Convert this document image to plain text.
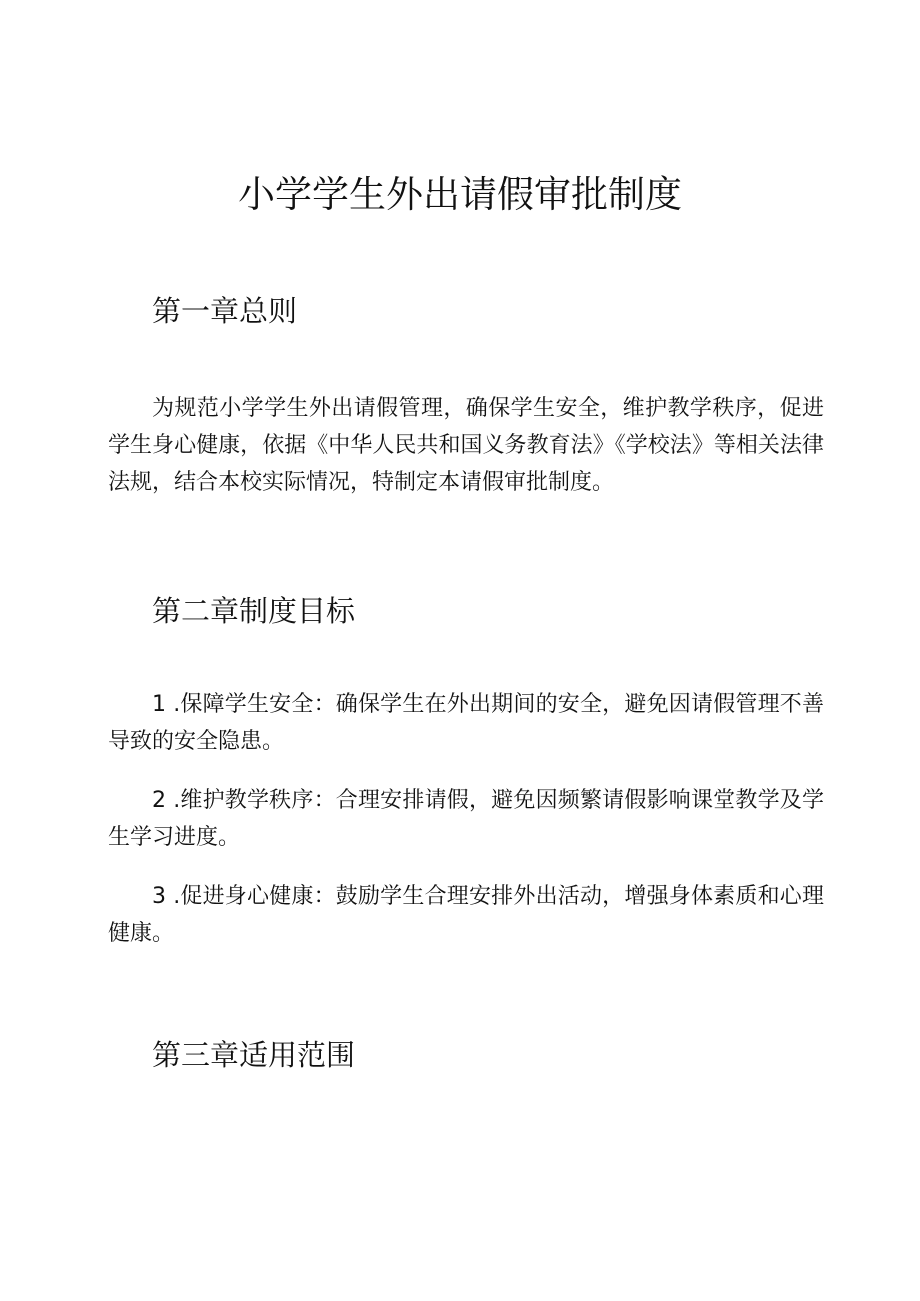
小学学生外出请假审批制度
第一章总则

为规范小学学生外出请假管理，确保学生安全，维护教学秩序，促进学生身心健康，依据《中华人民共和国义务教育法》《学校法》等相关法律法规，结合本校实际情况，特制定本请假审批制度。

第二章制度目标

1 .保障学生安全：确保学生在外出期间的安全，避免因请假管理不善导致的安全隐患。

2 .维护教学秩序：合理安排请假，避免因频繁请假影响课堂教学及学生学习进度。

3 .促进身心健康：鼓励学生合理安排外出活动，增强身体素质和心理健康。

第三章适用范围
